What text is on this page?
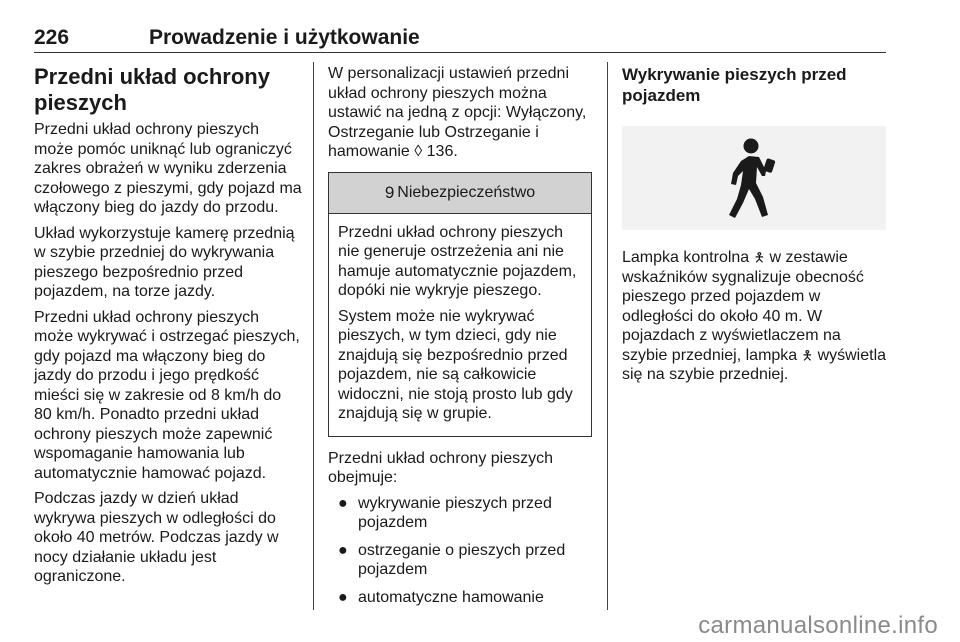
226	Prowadzenie i użytkowanie
Przedni układ ochrony pieszych

Przedni układ ochrony pieszych może pomóc uniknąć lub ograniczyć zakres obrażeń w wyniku zderzenia czołowego z pieszymi, gdy pojazd ma włączony bieg do jazdy do przodu.

Układ wykorzystuje kamerę przednią w szybie przedniej do wykrywania pieszego bezpośrednio przed pojazdem, na torze jazdy.

Przedni układ ochrony pieszych może wykrywać i ostrzegać pieszych, gdy pojazd ma włączony bieg do jazdy do przodu i jego prędkość mieści się w zakresie od 8 km/h do 80 km/h. Ponadto przedni układ ochrony pieszych może zapewnić wspomaganie hamowania lub automatycznie hamować pojazd.

Podczas jazdy w dzień układ wykrywa pieszych w odległości do około 40 metrów. Podczas jazdy w nocy działanie układu jest ograniczone.

W personalizacji ustawień przedni układ ochrony pieszych można ustawić na jedną z opcji: Wyłączony, Ostrzeganie lub Ostrzeganie i hamowanie ◊ 136.

9 Niebezpieczeństwo

Przedni układ ochrony pieszych nie generuje ostrzeżenia ani nie hamuje automatycznie pojazdem, dopóki nie wykryje pieszego.

System może nie wykrywać pieszych, w tym dzieci, gdy nie znajdują się bezpośrednio przed pojazdem, nie są całkowicie widoczni, nie stoją prosto lub gdy znajdują się w grupie.

Przedni układ ochrony pieszych obejmuje:

● wykrywanie pieszych przed pojazdem
● ostrzeganie o pieszych przed pojazdem
● automatyczne hamowanie
Wykrywanie pieszych przed pojazdem

Lampka kontrolna 🯅 w zestawie wskaźników sygnalizuje obecność pieszego przed pojazdem w odległości do około 40 m. W pojazdach z wyświetlaczem na szybie przedniej, lampka 🯅 wyświetla się na szybie przedniej.

carmanualsonline.info
